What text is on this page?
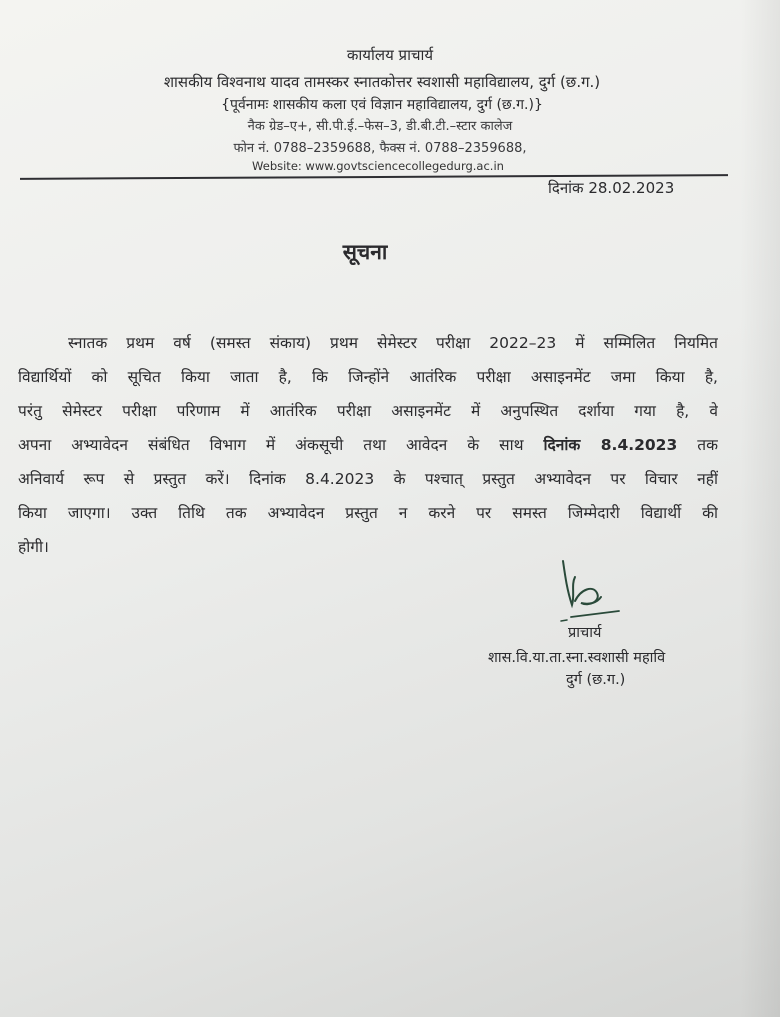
कार्यालय प्राचार्य
शासकीय विश्वनाथ यादव तामस्कर स्नातकोत्तर स्वशासी महाविद्यालय, दुर्ग (छ.ग.)
{पूर्वनामः शासकीय कला एवं विज्ञान महाविद्यालय, दुर्ग (छ.ग.)}
नैक ग्रेड–ए+, सी.पी.ई.–फेस–3, डी.बी.टी.–स्टार कालेज
फोन नं. 0788–2359688, फैक्स नं. 0788–2359688,
Website: www.govtsciencecollegedurg.ac.in
दिनांक 28.02.2023
सूचना

स्नातक प्रथम वर्ष (समस्त संकाय) प्रथम सेमेस्टर परीक्षा 2022–23 में सम्मिलित नियमित

विद्यार्थियों को सूचित किया जाता है, कि जिन्होंने आतंरिक परीक्षा असाइनमेंट जमा किया है,

परंतु सेमेस्टर परीक्षा परिणाम में आतंरिक परीक्षा असाइनमेंट में अनुपस्थित दर्शाया गया है, वे

अपना अभ्यावेदन संबंधित विभाग में अंकसूची तथा आवेदन के साथ दिनांक 8.4.2023 तक

अनिवार्य रूप से प्रस्तुत करें। दिनांक 8.4.2023 के पश्चात् प्रस्तुत अभ्यावेदन पर विचार नहीं

किया जाएगा। उक्त तिथि तक अभ्यावेदन प्रस्तुत न करने पर समस्त जिम्मेदारी विद्यार्थी की

होगी।

प्राचार्य
शास.वि.या.ता.स्ना.स्वशासी महावि
दुर्ग (छ.ग.)
